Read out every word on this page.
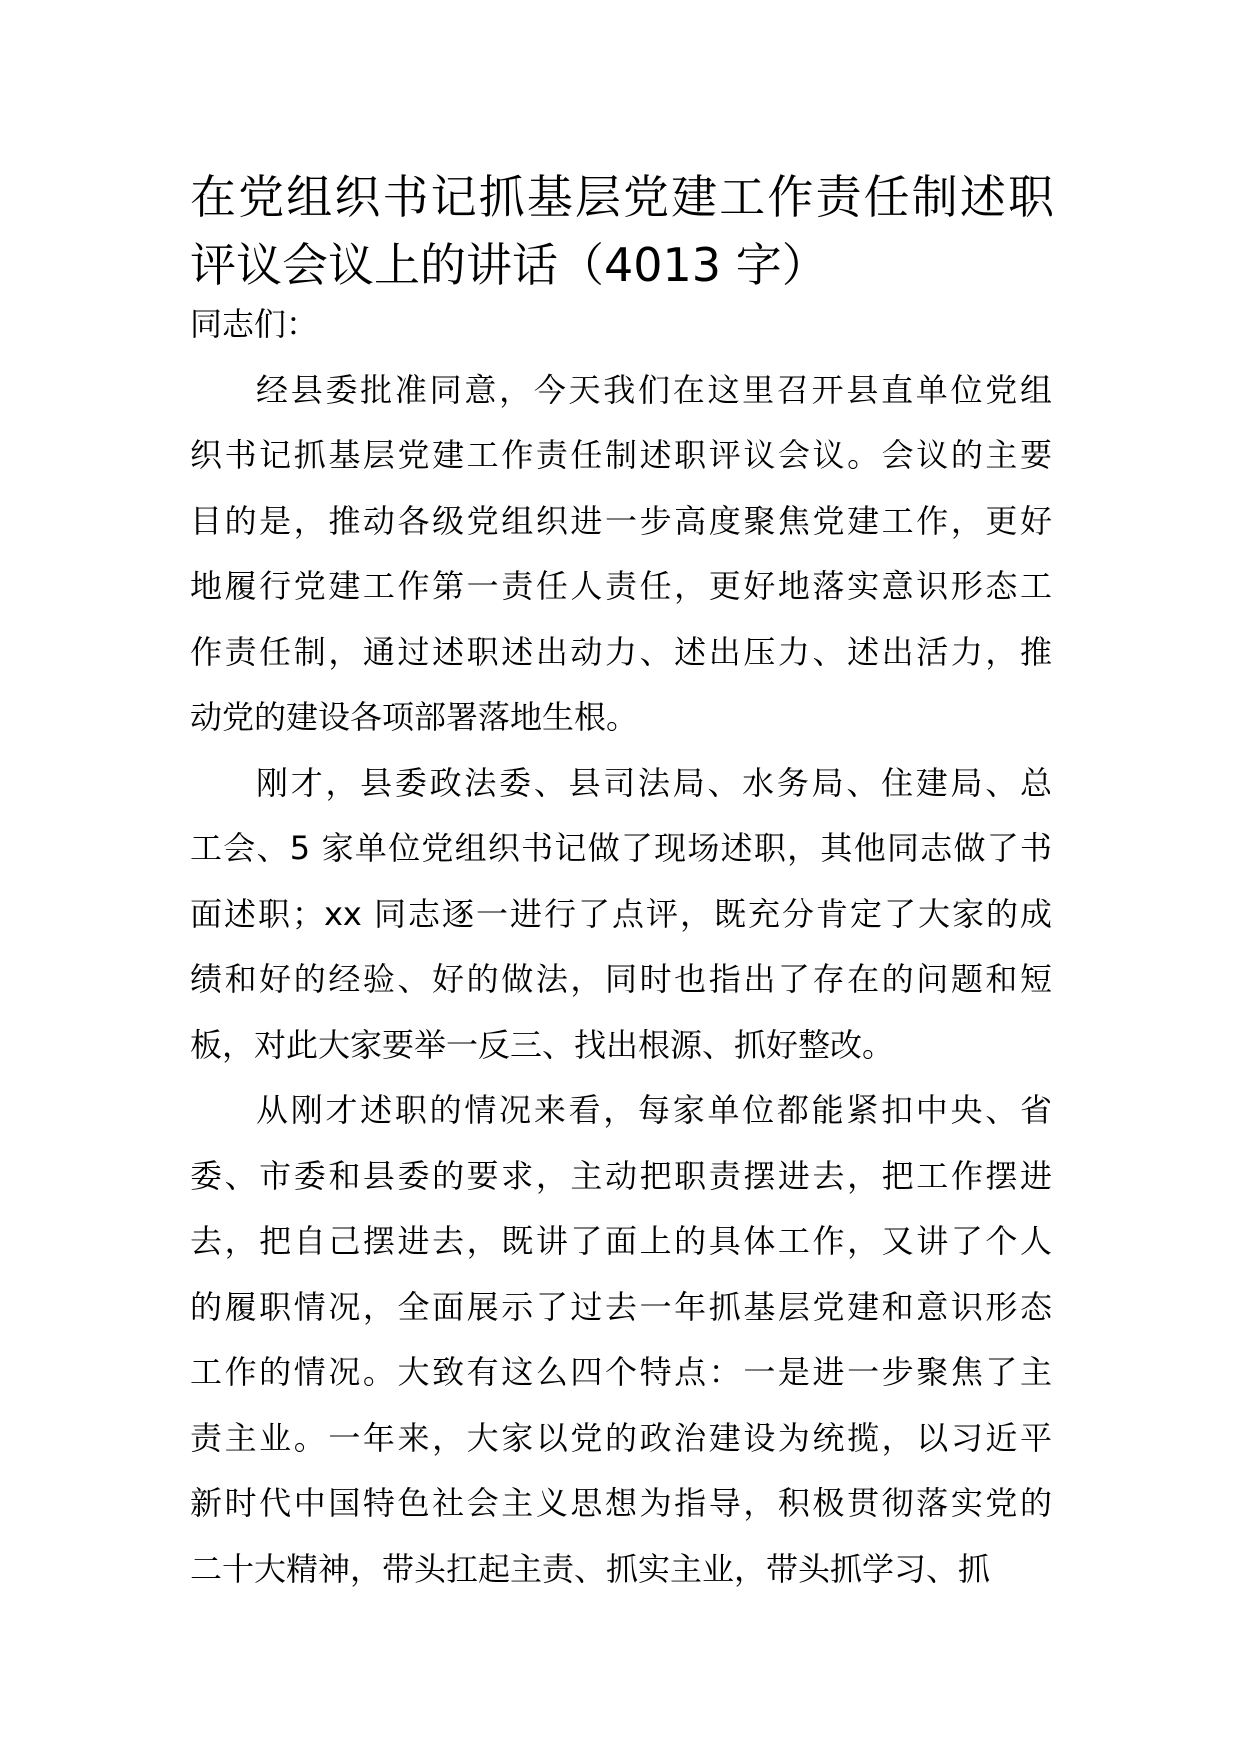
在党组织书记抓基层党建工作责任制述职
评议会议上的讲话（4013 字）
同志们：
经县委批准同意，今天我们在这里召开县直单位党组
织书记抓基层党建工作责任制述职评议会议。会议的主要
目的是，推动各级党组织进一步高度聚焦党建工作，更好
地履行党建工作第一责任人责任，更好地落实意识形态工
作责任制，通过述职述出动力、述出压力、述出活力，推
动党的建设各项部署落地生根。
刚才，县委政法委、县司法局、水务局、住建局、总
工会、5 家单位党组织书记做了现场述职，其他同志做了书
面述职；xx 同志逐一进行了点评，既充分肯定了大家的成
绩和好的经验、好的做法，同时也指出了存在的问题和短
板，对此大家要举一反三、找出根源、抓好整改。
从刚才述职的情况来看，每家单位都能紧扣中央、省
委、市委和县委的要求，主动把职责摆进去，把工作摆进
去，把自己摆进去，既讲了面上的具体工作，又讲了个人
的履职情况，全面展示了过去一年抓基层党建和意识形态
工作的情况。大致有这么四个特点：一是进一步聚焦了主
责主业。一年来，大家以党的政治建设为统揽，以习近平
新时代中国特色社会主义思想为指导，积极贯彻落实党的
二十大精神，带头扛起主责、抓实主业，带头抓学习、抓
